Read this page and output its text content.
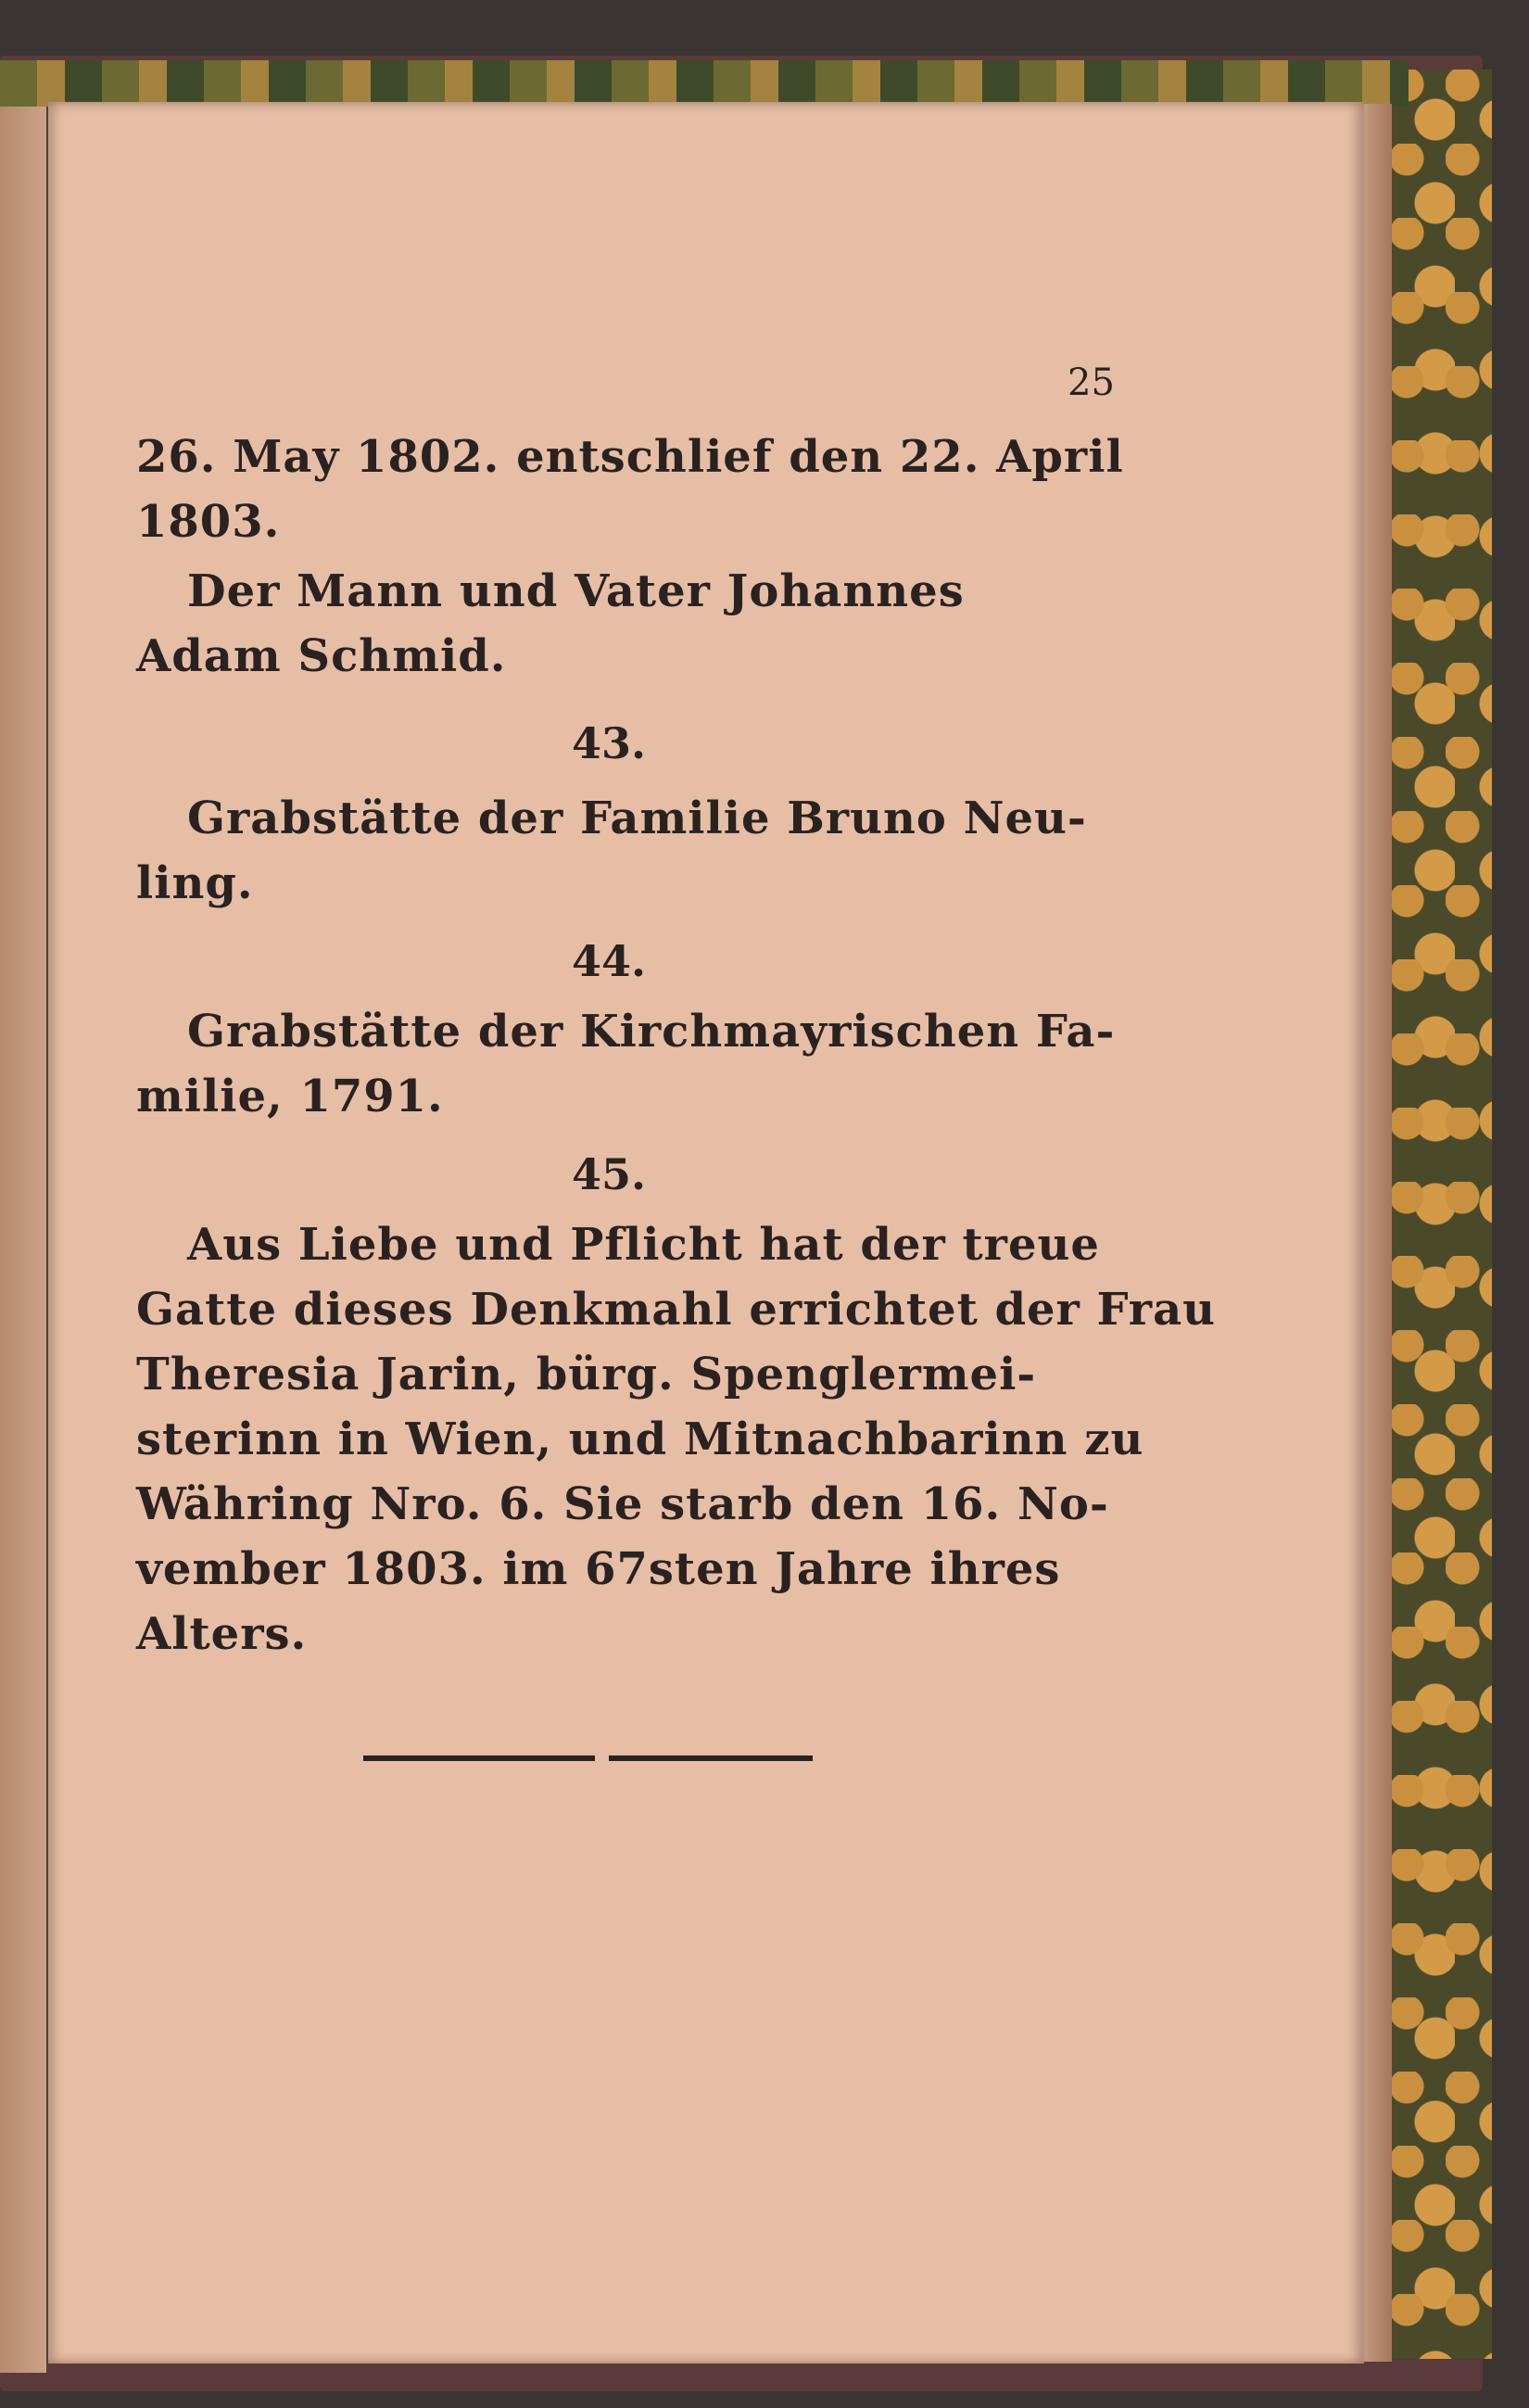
25
26. May 1802. entschlief den 22. April
1803.
Der Mann und Vater Johannes
Adam Schmid.
43.
Grabstätte der Familie Bruno Neu-
ling.
44.
Grabstätte der Kirchmayrischen Fa-
milie, 1791.
45.
Aus Liebe und Pflicht hat der treue
Gatte dieses Denkmahl errichtet der Frau
Theresia Jarin, bürg. Spenglermei-
sterinn in Wien, und Mitnachbarinn zu
Währing Nro. 6. Sie starb den 16. No-
vember 1803. im 67sten Jahre ihres
Alters.
